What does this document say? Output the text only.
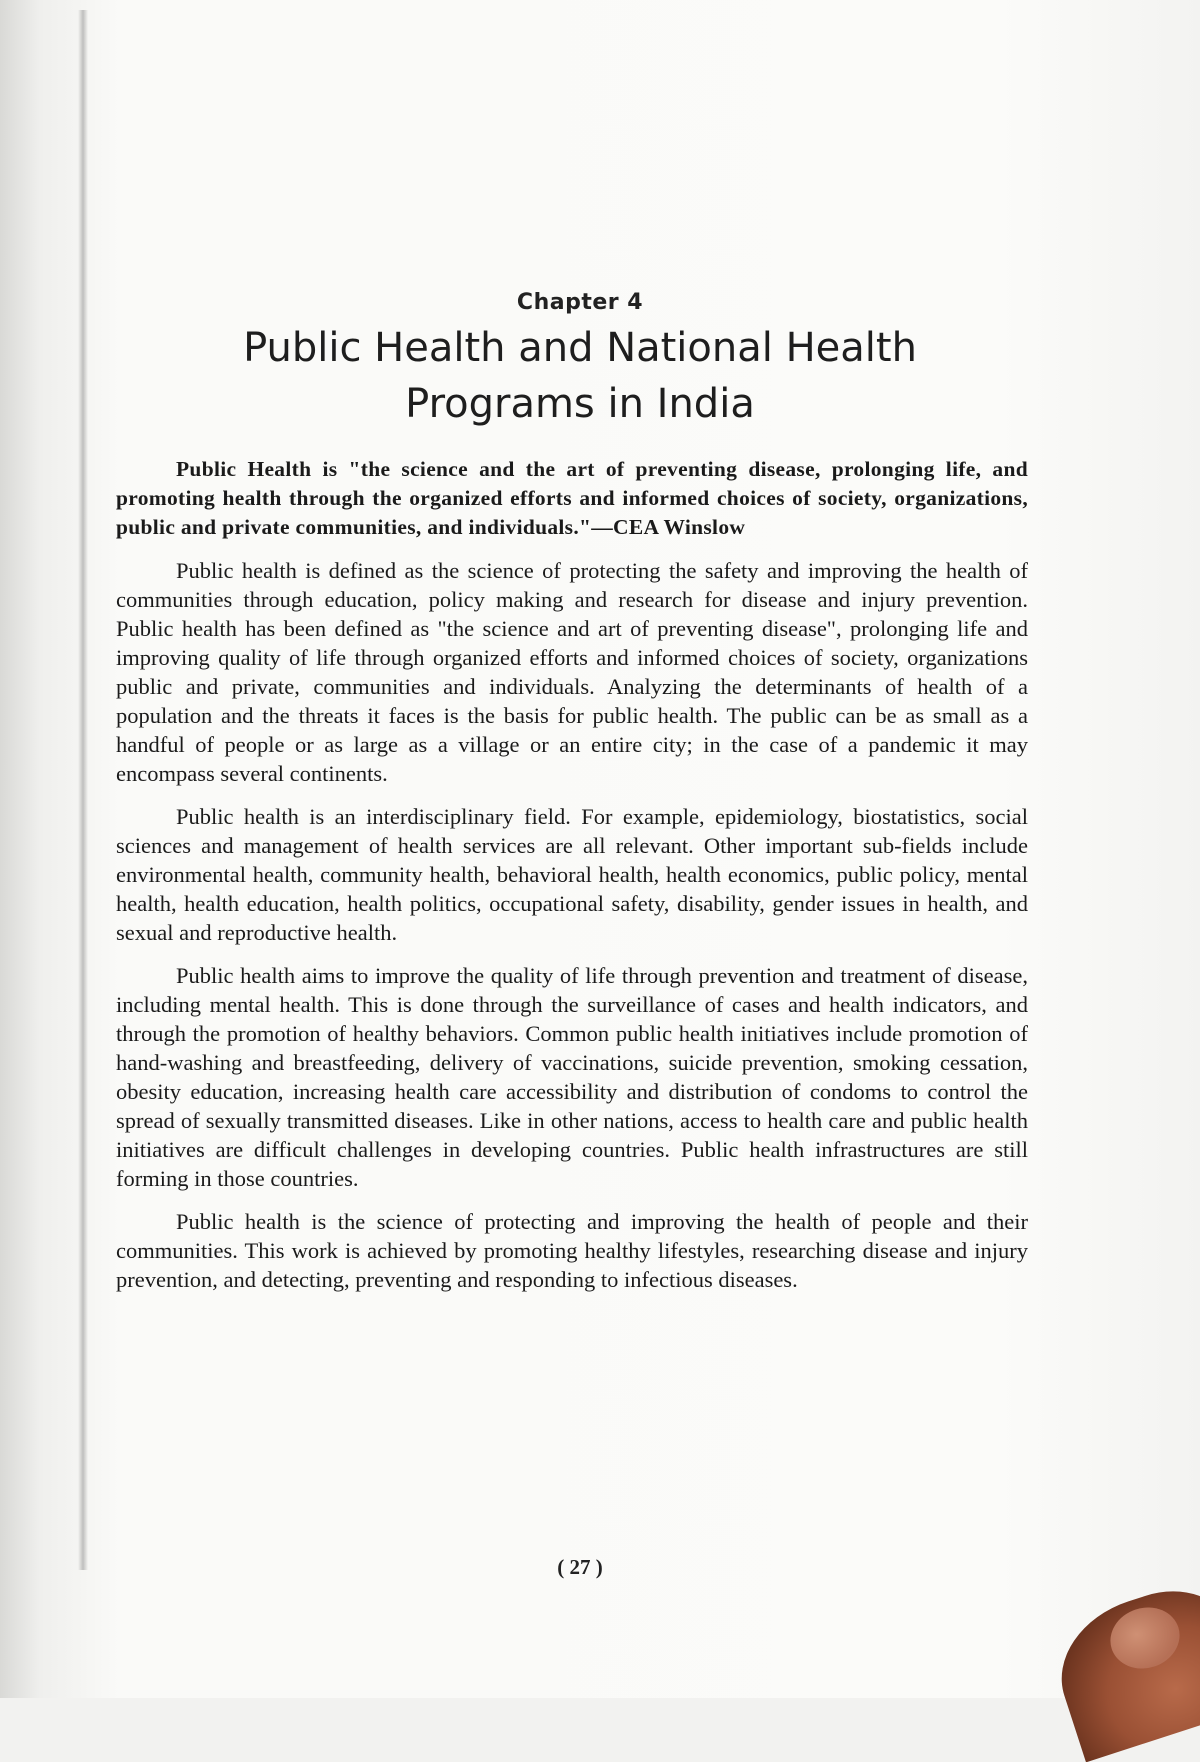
Chapter 4
Public Health and National Health Programs in India

Public Health is "the science and the art of preventing disease, prolonging life, and promoting health through the organized efforts and informed choices of society, organizations, public and private communities, and individuals."—CEA Winslow

Public health is defined as the science of protecting the safety and improving the health of communities through education, policy making and research for disease and injury prevention. Public health has been defined as "the science and art of preventing disease", prolonging life and improving quality of life through organized efforts and informed choices of society, organizations public and private, communities and individuals. Analyzing the determinants of health of a population and the threats it faces is the basis for public health. The public can be as small as a handful of people or as large as a village or an entire city; in the case of a pandemic it may encompass several continents.

Public health is an interdisciplinary field. For example, epidemiology, biostatistics, social sciences and management of health services are all relevant. Other important sub-fields include environmental health, community health, behavioral health, health economics, public policy, mental health, health education, health politics, occupational safety, disability, gender issues in health, and sexual and reproductive health.

Public health aims to improve the quality of life through prevention and treatment of disease, including mental health. This is done through the surveillance of cases and health indicators, and through the promotion of healthy behaviors. Common public health initiatives include promotion of hand-washing and breastfeeding, delivery of vaccinations, suicide prevention, smoking cessation, obesity education, increasing health care accessibility and distribution of condoms to control the spread of sexually transmitted diseases. Like in other nations, access to health care and public health initiatives are difficult challenges in developing countries. Public health infrastructures are still forming in those countries.

Public health is the science of protecting and improving the health of people and their communities. This work is achieved by promoting healthy lifestyles, researching disease and injury prevention, and detecting, preventing and responding to infectious diseases.

( 27 )
